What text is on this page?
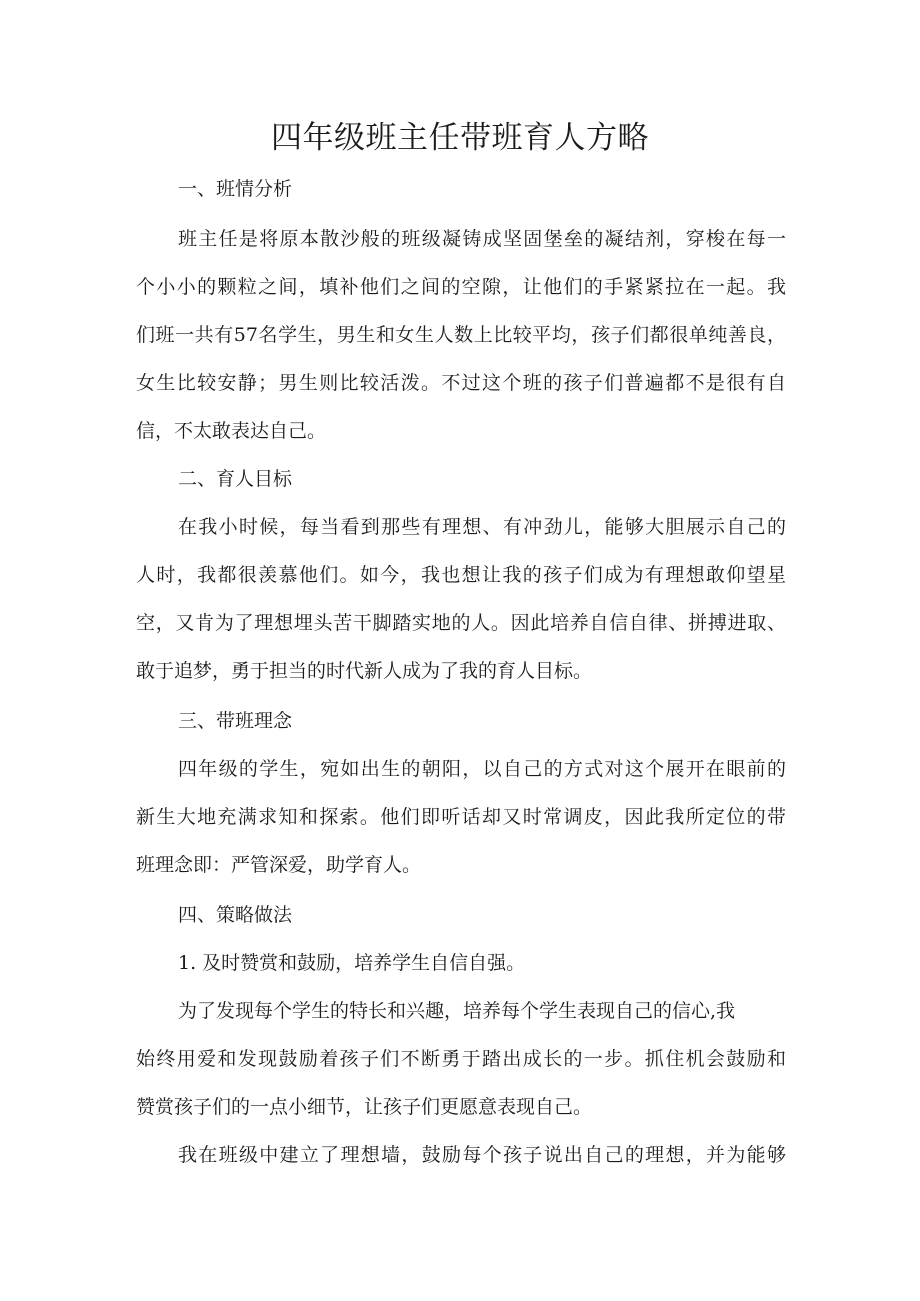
四年级班主任带班育人方略

一、班情分析

班主任是将原本散沙般的班级凝铸成坚固堡垒的凝结剂，穿梭在每一

个小小的颗粒之间，填补他们之间的空隙，让他们的手紧紧拉在一起。我

们班一共有57名学生，男生和女生人数上比较平均，孩子们都很单纯善良，

女生比较安静；男生则比较活泼。不过这个班的孩子们普遍都不是很有自

信，不太敢表达自己。

二、育人目标

在我小时候，每当看到那些有理想、有冲劲儿，能够大胆展示自己的

人时，我都很羡慕他们。如今，我也想让我的孩子们成为有理想敢仰望星

空，又肯为了理想埋头苦干脚踏实地的人。因此培养自信自律、拼搏进取、

敢于追梦，勇于担当的时代新人成为了我的育人目标。

三、带班理念

四年级的学生，宛如出生的朝阳，以自己的方式对这个展开在眼前的

新生大地充满求知和探索。他们即听话却又时常调皮，因此我所定位的带

班理念即：严管深爱，助学育人。

四、策略做法

1. 及时赞赏和鼓励，培养学生自信自强。

为了发现每个学生的特长和兴趣，培养每个学生表现自己的信心,我

始终用爱和发现鼓励着孩子们不断勇于踏出成长的一步。抓住机会鼓励和

赞赏孩子们的一点小细节，让孩子们更愿意表现自己。

我在班级中建立了理想墙，鼓励每个孩子说出自己的理想，并为能够
